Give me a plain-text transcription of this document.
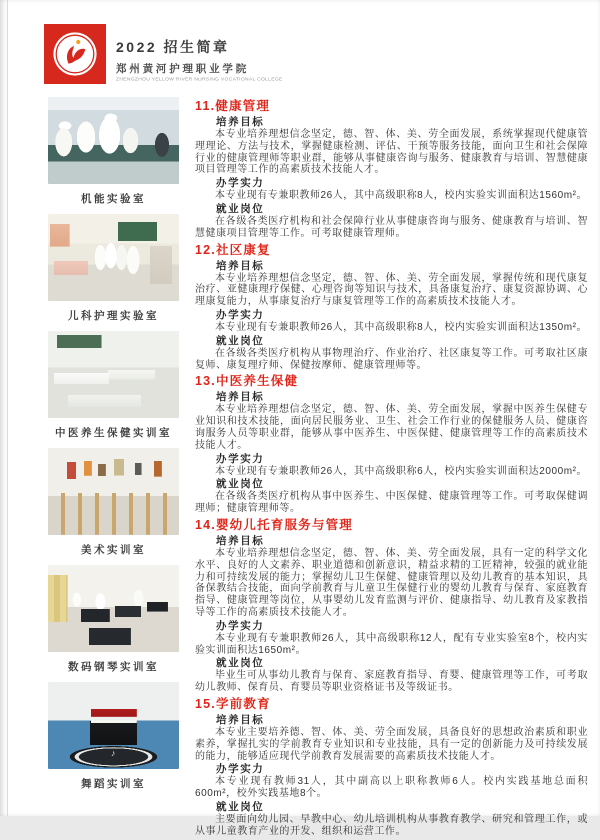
2022 招生简章
郑州黄河护理职业学院
ZHENGZHOU YELLOW RIVER NURSING VOCATIONAL COLLEGE
机能实验室
儿科护理实验室
中医养生保健实训室
美术实训室
数码钢琴实训室
♪
舞蹈实训室
11.健康管理
培养目标

本专业培养理想信念坚定，德、智、体、美、劳全面发展，系统掌握现代健康管理理论、方法与技术，掌握健康检测、评估、干预等服务技能，面向卫生和社会保障行业的健康管理师等职业群，能够从事健康咨询与服务、健康教育与培训、智慧健康项目管理等工作的高素质技术技能人才。

办学实力

本专业现有专兼职教师26人，其中高级职称8人，校内实验实训面积达1560m²。

就业岗位

在各级各类医疗机构和社会保障行业从事健康咨询与服务、健康教育与培训、智慧健康项目管理等工作。可考取健康管理师。

12.社区康复
培养目标

本专业培养理想信念坚定，德、智、体、美、劳全面发展，掌握传统和现代康复治疗、亚健康理疗保健、心理咨询等知识与技术，具备康复治疗、康复资源协调、心理康复能力，从事康复治疗与康复管理等工作的高素质技术技能人才。

办学实力

本专业现有专兼职教师26人，其中高级职称8人，校内实验实训面积达1350m²。

就业岗位

在各级各类医疗机构从事物理治疗、作业治疗、社区康复等工作。可考取社区康复师、康复理疗师、保健按摩师、健康管理师等。

13.中医养生保健
培养目标

本专业培养理想信念坚定，德、智、体、美、劳全面发展，掌握中医养生保健专业知识和技术技能，面向居民服务业、卫生、社会工作行业的保健服务人员、健康咨询服务人员等职业群，能够从事中医养生、中医保健、健康管理等工作的高素质技术技能人才。

办学实力

本专业现有专兼职教师26人，其中高级职称6人，校内实验实训面积达2000m²。

就业岗位

在各级各类医疗机构从事中医养生、中医保健、健康管理等工作。可考取保健调理师；健康管理师等。

14.婴幼儿托育服务与管理
培养目标

本专业培养理想信念坚定，德、智、体、美、劳全面发展，具有一定的科学文化水平、良好的人文素养、职业道德和创新意识，精益求精的工匠精神，较强的就业能力和可持续发展的能力；掌握幼儿卫生保健、健康管理以及幼儿教育的基本知识，具备保教结合技能，面向学前教育与儿童卫生保健行业的婴幼儿教育与保育、家庭教育指导、健康管理等岗位，从事婴幼儿发育监测与评价、健康指导、幼儿教育及家教指导等工作的高素质技术技能人才。

办学实力

本专业现有专兼职教师26人，其中高级职称12人，配有专业实验室8个，校内实验实训面积达1650m²。

就业岗位

毕业生可从事幼儿教育与保育、家庭教育指导、育婴、健康管理等工作，可考取幼儿教师、保育员、育婴员等职业资格证书及等级证书。

15.学前教育
培养目标

本专业主要培养德、智、体、美、劳全面发展，具备良好的思想政治素质和职业素养，掌握扎实的学前教育专业知识和专业技能，具有一定的创新能力及可持续发展的能力，能够适应现代学前教育发展需要的高素质技术技能人才。

办学实力

本专业现有教师31人，其中副高以上职称教师6人。校内实践基地总面积600m²，校外实践基地8个。

就业岗位

主要面向幼儿园、早教中心、幼儿培训机构从事教育教学、研究和管理工作，或从事儿童教育产业的开发、组织和运营工作。
